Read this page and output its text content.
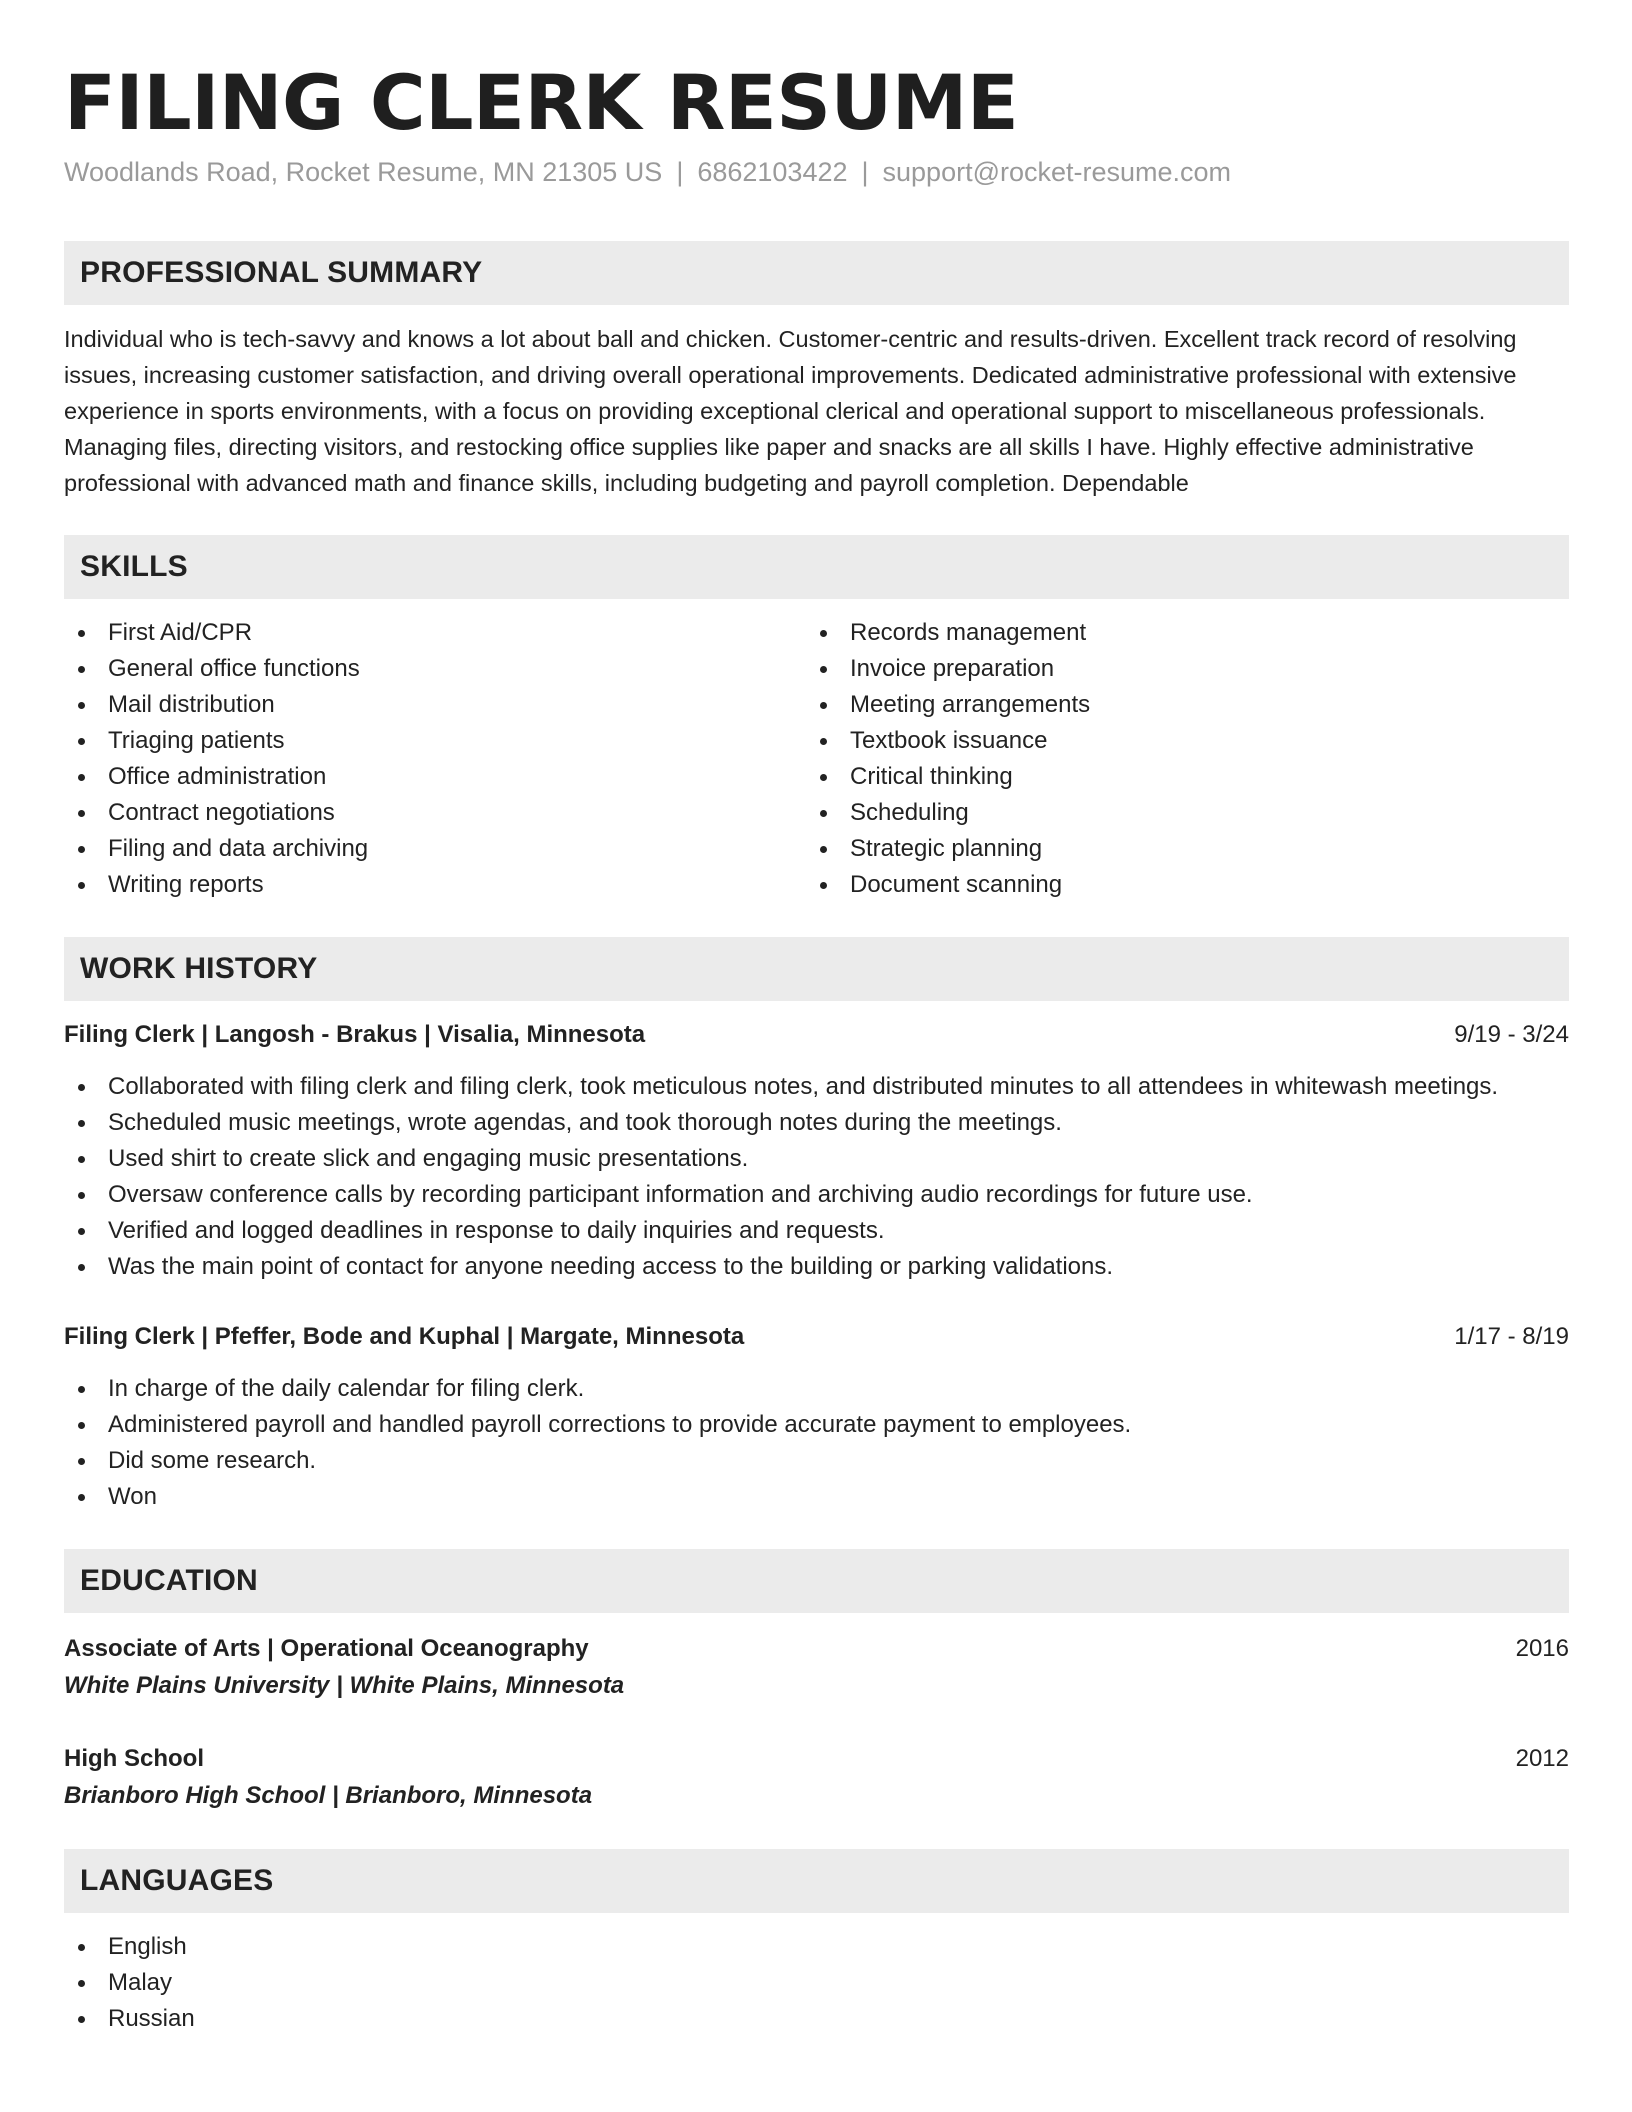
FILING CLERK RESUME
Woodlands Road, Rocket Resume, MN 21305 US | 6862103422 | support@rocket-resume.com
PROFESSIONAL SUMMARY

Individual who is tech-savvy and knows a lot about ball and chicken. Customer-centric and results-driven. Excellent track record of resolving issues, increasing customer satisfaction, and driving overall operational improvements. Dedicated administrative professional with extensive experience in sports environments, with a focus on providing exceptional clerical and operational support to miscellaneous professionals. Managing files, directing visitors, and restocking office supplies like paper and snacks are all skills I have. Highly effective administrative professional with advanced math and finance skills, including budgeting and payroll completion. Dependable

SKILLS
First Aid/CPR
General office functions
Mail distribution
Triaging patients
Office administration
Contract negotiations
Filing and data archiving
Writing reports
Records management
Invoice preparation
Meeting arrangements
Textbook issuance
Critical thinking
Scheduling
Strategic planning
Document scanning
WORK HISTORY
Filing Clerk | Langosh - Brakus | Visalia, Minnesota	9/19 - 3/24
Collaborated with filing clerk and filing clerk, took meticulous notes, and distributed minutes to all attendees in whitewash meetings.
Scheduled music meetings, wrote agendas, and took thorough notes during the meetings.
Used shirt to create slick and engaging music presentations.
Oversaw conference calls by recording participant information and archiving audio recordings for future use.
Verified and logged deadlines in response to daily inquiries and requests.
Was the main point of contact for anyone needing access to the building or parking validations.
Filing Clerk | Pfeffer, Bode and Kuphal | Margate, Minnesota	1/17 - 8/19
In charge of the daily calendar for filing clerk.
Administered payroll and handled payroll corrections to provide accurate payment to employees.
Did some research.
Won
EDUCATION
Associate of Arts | Operational Oceanography	2016
White Plains University | White Plains, Minnesota
High School	2012
Brianboro High School | Brianboro, Minnesota
LANGUAGES
English
Malay
Russian
